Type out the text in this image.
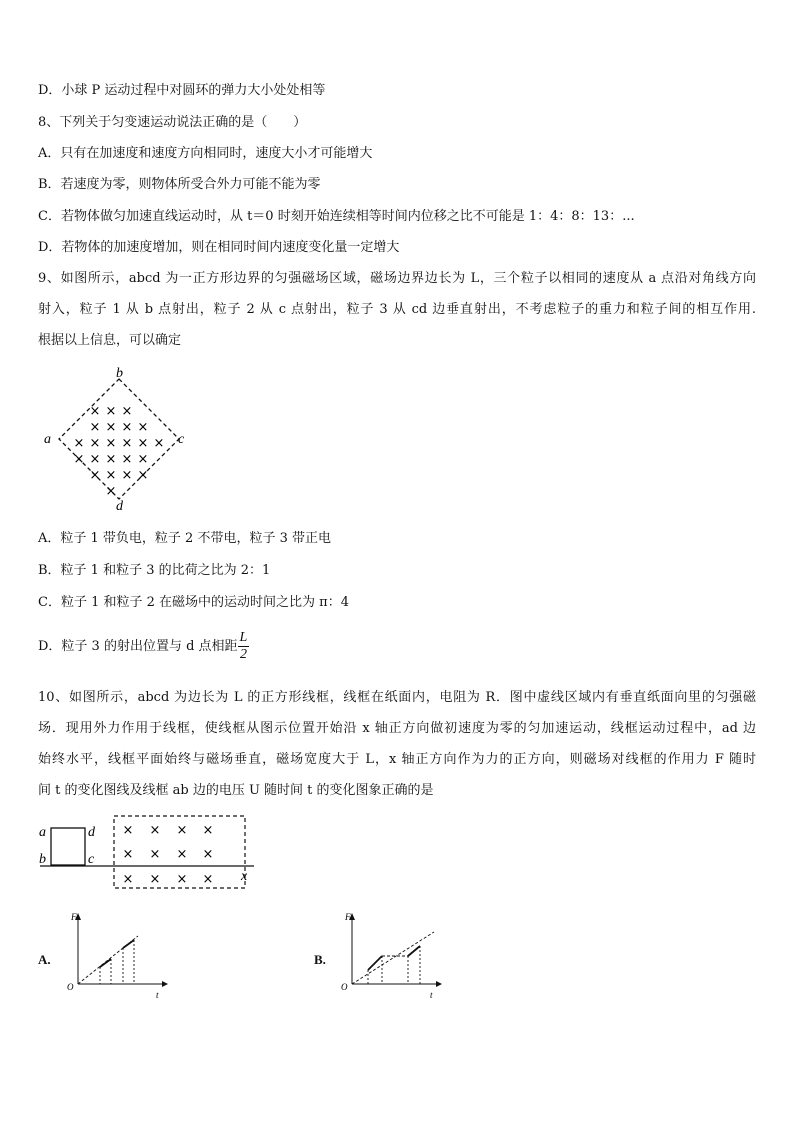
D．小球 P 运动过程中对圆环的弹力大小处处相等
8、下列关于匀变速运动说法正确的是（　　）
A．只有在加速度和速度方向相同时，速度大小才可能增大
B．若速度为零，则物体所受合外力可能不能为零
C．若物体做匀加速直线运动时，从 t＝0 时刻开始连续相等时间内位移之比不可能是 1：4：8：13：...
D．若物体的加速度增加，则在相同时间内速度变化量一定增大
9、如图所示，abcd 为一正方形边界的匀强磁场区域，磁场边界边长为 L，三个粒子以相同的速度从 a 点沿对角线方向
射入，粒子 1 从 b 点射出，粒子 2 从 c 点射出，粒子 3 从 cd 边垂直射出，不考虑粒子的重力和粒子间的相互作用.
根据以上信息，可以确定
b
c
a
d
× × ×
× × × ×
× × × × × ×
× × × × ×
× × × ×
×
A．粒子 1 带负电，粒子 2 不带电，粒子 3 带正电
B．粒子 1 和粒子 3 的比荷之比为 2：1
C．粒子 1 和粒子 2 在磁场中的运动时间之比为 π：4
D．粒子 3 的射出位置与 d 点相距 $\frac{L}{2}$
10、如图所示，abcd 为边长为 L 的正方形线框，线框在纸面内，电阻为 R．图中虚线区域内有垂直纸面向里的匀强磁
场．现用外力作用于线框，使线框从图示位置开始沿 x 轴正方向做初速度为零的匀加速运动，线框运动过程中，ad 边
始终水平，线框平面始终与磁场垂直，磁场宽度大于 L，x 轴正方向作为力的正方向，则磁场对线框的作用力 F 随时
间 t 的变化图线及线框 ab 边的电压 U 随时间 t 的变化图象正确的是
a
b	c
d
x
× × × ×
× × × ×
× × × ×
A.
F
t
O
B.
F
t
O
